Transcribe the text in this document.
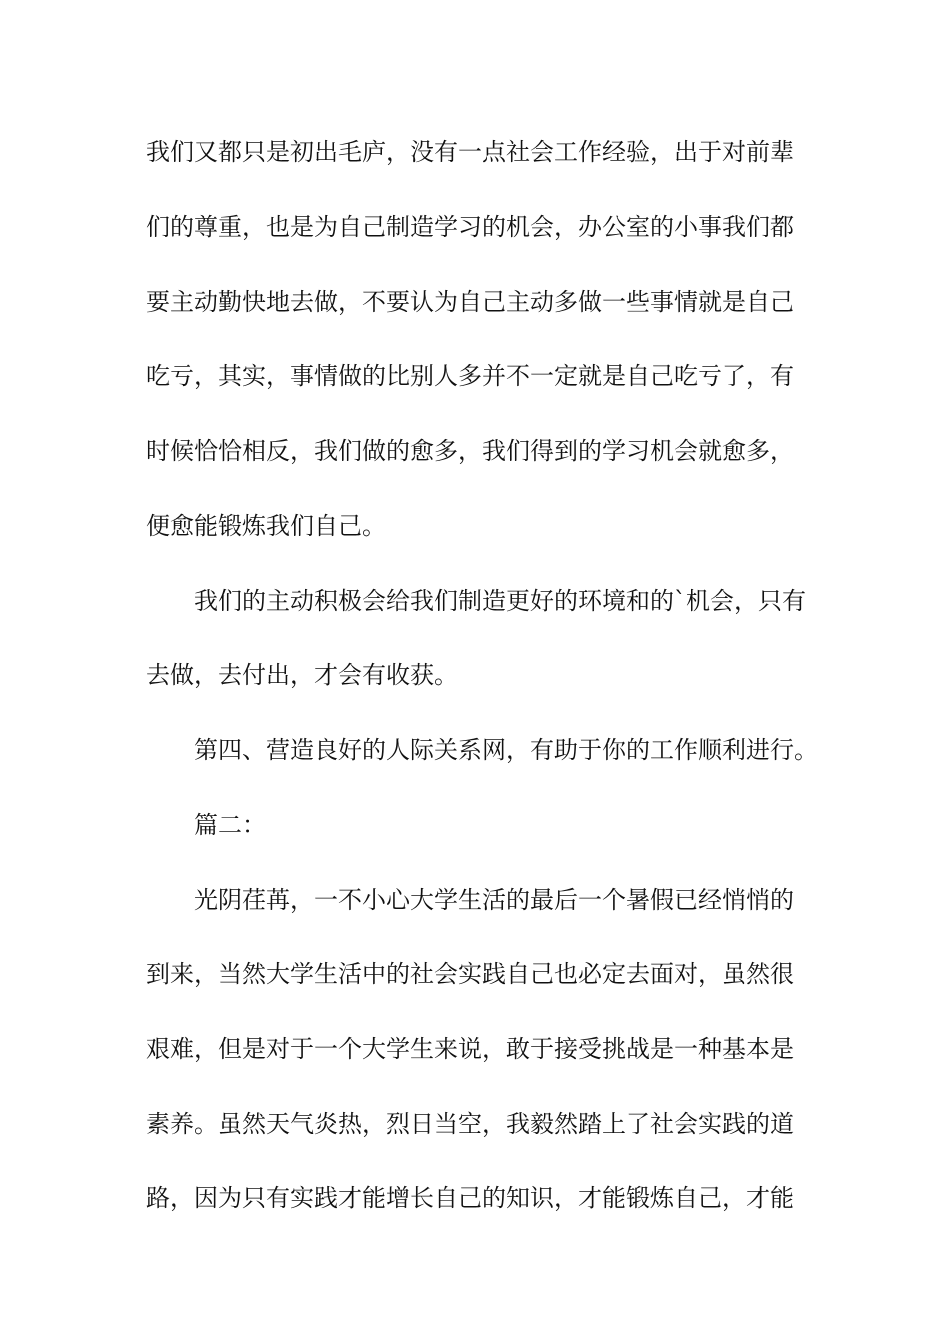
我们又都只是初出毛庐，没有一点社会工作经验，出于对前辈
们的尊重，也是为自己制造学习的机会，办公室的小事我们都
要主动勤快地去做，不要认为自己主动多做一些事情就是自己
吃亏，其实，事情做的比别人多并不一定就是自己吃亏了，有
时候恰恰相反，我们做的愈多，我们得到的学习机会就愈多，
便愈能锻炼我们自己。
我们的主动积极会给我们制造更好的环境和的`机会，只有
去做，去付出，才会有收获。
第四、营造良好的人际关系网，有助于你的工作顺利进行。
篇二：
光阴荏苒，一不小心大学生活的最后一个暑假已经悄悄的
到来，当然大学生活中的社会实践自己也必定去面对，虽然很
艰难，但是对于一个大学生来说，敢于接受挑战是一种基本是
素养。虽然天气炎热，烈日当空，我毅然踏上了社会实践的道
路，因为只有实践才能增长自己的知识，才能锻炼自己，才能
